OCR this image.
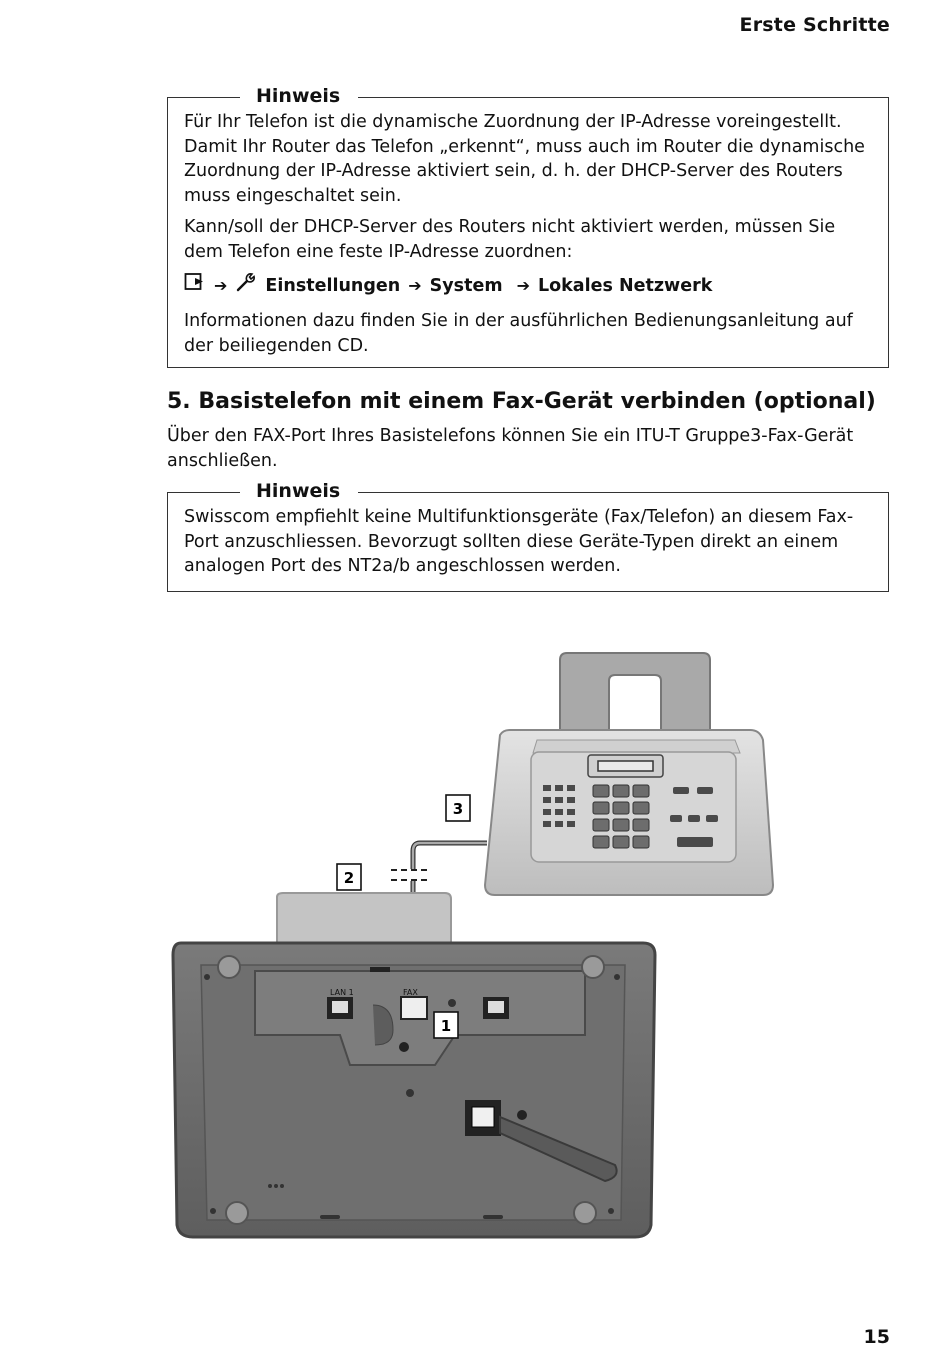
Erste Schritte
Hinweis

Für Ihr Telefon ist die dynamische Zuordnung der IP-Adresse voreingestellt. Damit Ihr Router das Telefon „erkennt“, muss auch im Router die dynamische Zuordnung der IP-Adresse aktiviert sein, d. h. der DHCP-Server des Routers muss eingeschaltet sein.

Kann/soll der DHCP-Server des Routers nicht aktiviert werden, müssen Sie dem Telefon eine feste IP-Adresse zuordnen:

➔ Einstellungen ➔ System ➔ Lokales Netzwerk

Informationen dazu finden Sie in der ausführlichen Bedienungsanleitung auf der beiliegenden CD.

5. Basistelefon mit einem Fax-Gerät verbinden (optional)

Über den FAX-Port Ihres Basistelefons können Sie ein ITU-T Gruppe3-Fax-Gerät anschließen.

Hinweis

Swisscom empfiehlt keine Multifunktionsgeräte (Fax/Telefon) an diesem Fax-Port anzuschliessen. Bevorzugt sollten diese Geräte-Typen direkt an einem analogen Port des NT2a/b angeschlossen werden.

LAN 1	FAX
3
2
1
15
